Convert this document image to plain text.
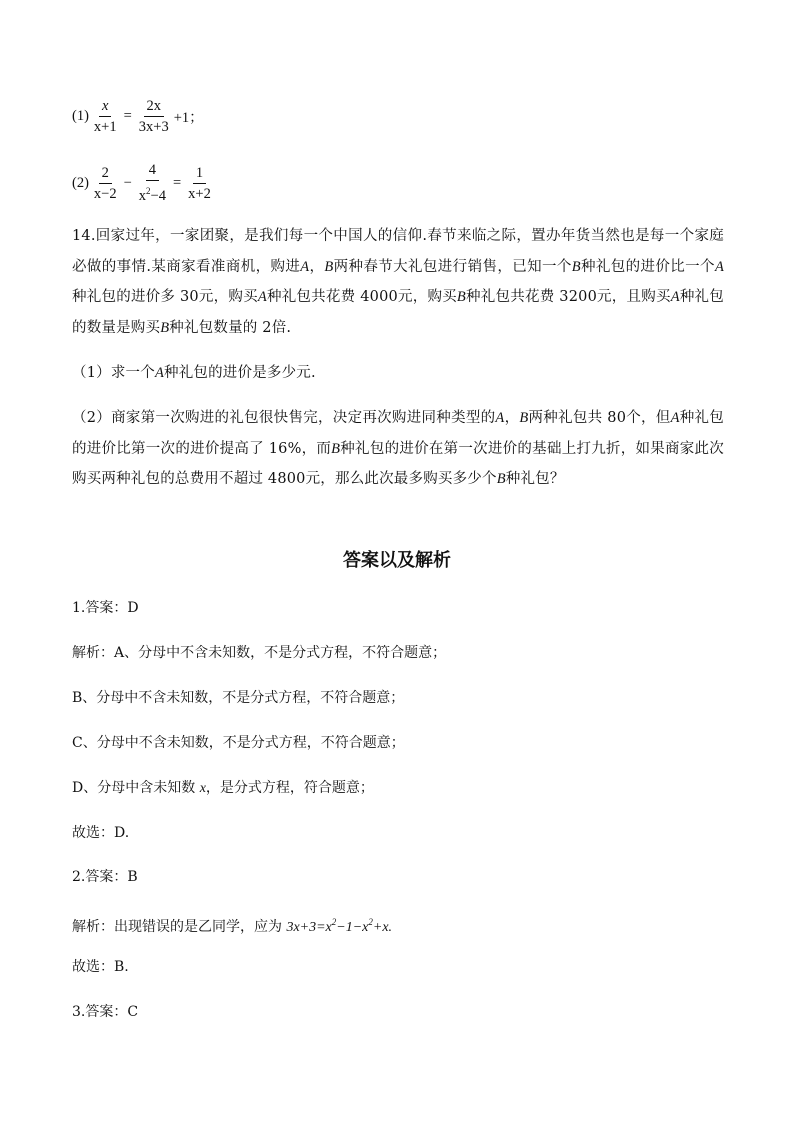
$(1) \frac{x}{x+1} = \frac{2x}{3x+3} +1$；
$(2) \frac{2}{x-2} - \frac{4}{x^2-4} = \frac{1}{x+2}$
14.回家过年，一家团聚，是我们每一个中国人的信仰.春节来临之际，置办年货当然也是每一个家庭必做的事情.某商家看准商机，购进A，B两种春节大礼包进行销售，已知一个B种礼包的进价比一个A种礼包的进价多 30元，购买A种礼包共花费 4000元，购买B种礼包共花费 3200元，且购买A种礼包的数量是购买B种礼包数量的 2倍.
（1）求一个A种礼包的进价是多少元.
（2）商家第一次购进的礼包很快售完，决定再次购进同种类型的A，B两种礼包共 80个，但A种礼包的进价比第一次的进价提高了 16%，而B种礼包的进价在第一次进价的基础上打九折，如果商家此次购买两种礼包的总费用不超过 4800元，那么此次最多购买多少个B种礼包？
答案以及解析
1.答案：D
解析：A、分母中不含未知数，不是分式方程，不符合题意；
B、分母中不含未知数，不是分式方程，不符合题意；
C、分母中不含未知数，不是分式方程，不符合题意；
D、分母中含未知数 x，是分式方程，符合题意；
故选：D.
2.答案：B
解析：出现错误的是乙同学，应为 $3x+3=x^2-1-x^2+x$.
故选：B.
3.答案：C
